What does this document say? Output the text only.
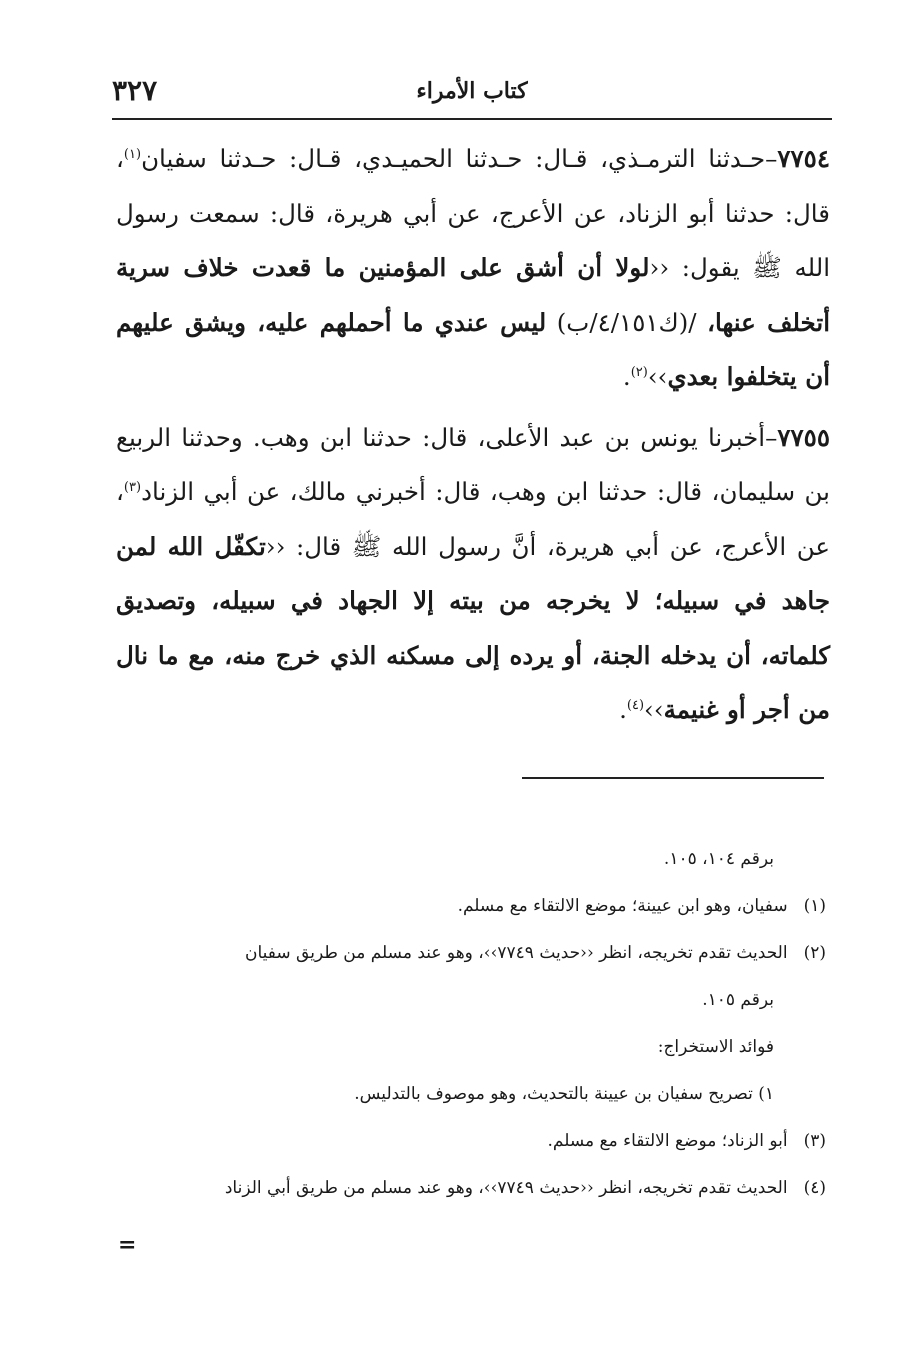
٣٢٧	كتاب الأمراء

٧٧٥٤–حـدثنا الترمـذي، قـال: حـدثنا الحميـدي، قـال: حـدثنا سفيان$^{(١)}$، قال: حدثنا أبو الزناد، عن الأعرج، عن أبي هريرة، قال: سمعت رسول الله ﷺ يقول: ‹‹لولا أن أشق على المؤمنين ما قعدت خلاف سرية أتخلف عنها، /(ك٤/١٥١/ب) ليس عندي ما أحملهم عليه، ويشق عليهم أن يتخلفوا بعدي››$^{(٢)}$.

٧٧٥٥–أخبرنا يونس بن عبد الأعلى، قال: حدثنا ابن وهب. وحدثنا الربيع بن سليمان، قال: حدثنا ابن وهب، قال: أخبرني مالك، عن أبي الزناد$^{(٣)}$، عن الأعرج، عن أبي هريرة، أنَّ رسول الله ﷺ قال: ‹‹تكفّل الله لمن جاهد في سبيله؛ لا يخرجه من بيته إلا الجهاد في سبيله، وتصديق كلماته، أن يدخله الجنة، أو يرده إلى مسكنه الذي خرج منه، مع ما نال من أجر أو غنيمة››$^{(٤)}$.

برقم ١٠٤، ١٠٥.

(١)
سفيان، وهو ابن عيينة؛ موضع الالتقاء مع مسلم.

(٢)
الحديث تقدم تخريجه، انظر ‹‹حديث ٧٧٤٩››، وهو عند مسلم من طريق سفيان

برقم ١٠٥.

فوائد الاستخراج:

١) تصريح سفيان بن عيينة بالتحديث، وهو موصوف بالتدليس.

(٣)
أبو الزناد؛ موضع الالتقاء مع مسلم.

(٤)
الحديث تقدم تخريجه، انظر ‹‹حديث ٧٧٤٩››، وهو عند مسلم من طريق أبي الزناد

=
